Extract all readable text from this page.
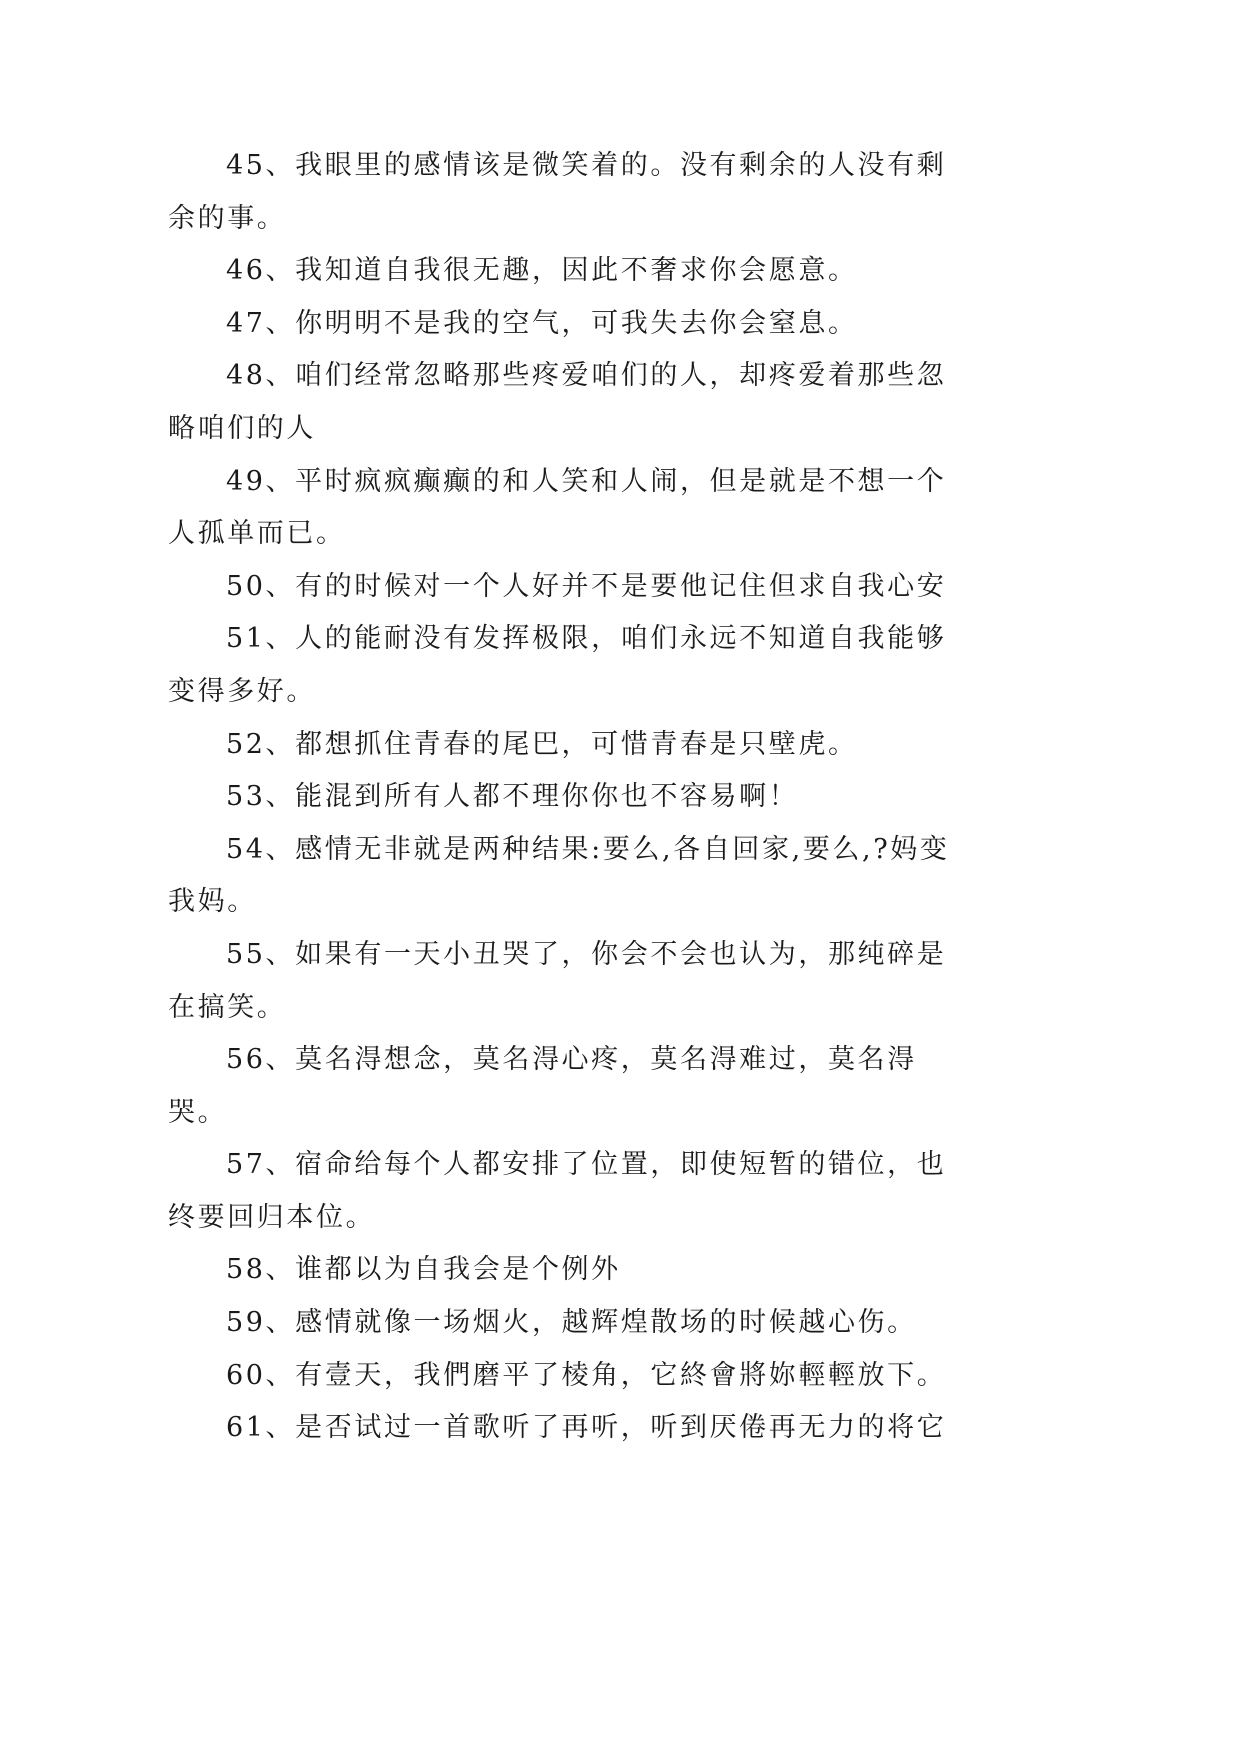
45、我眼里的感情该是微笑着的。没有剩余的人没有剩余的事。

46、我知道自我很无趣，因此不奢求你会愿意。

47、你明明不是我的空气，可我失去你会窒息。

48、咱们经常忽略那些疼爱咱们的人，却疼爱着那些忽略咱们的人

49、平时疯疯癫癫的和人笑和人闹，但是就是不想一个人孤单而已。

50、有的时候对一个人好并不是要他记住但求自我心安

51、人的能耐没有发挥极限，咱们永远不知道自我能够变得多好。

52、都想抓住青春的尾巴，可惜青春是只壁虎。

53、能混到所有人都不理你你也不容易啊！

54、感情无非就是两种结果:要么,各自回家,要么,?妈变我妈。

55、如果有一天小丑哭了，你会不会也认为，那纯碎是在搞笑。

56、莫名淂想念，莫名淂心疼，莫名淂难过，莫名淂哭。

57、宿命给每个人都安排了位置，即使短暂的错位，也终要回归本位。

58、谁都以为自我会是个例外

59、感情就像一场烟火，越辉煌散场的时候越心伤。

60、有壹天，我們磨平了棱角，它終會將妳輕輕放下。

61、是否试过一首歌听了再听，听到厌倦再无力的将它
